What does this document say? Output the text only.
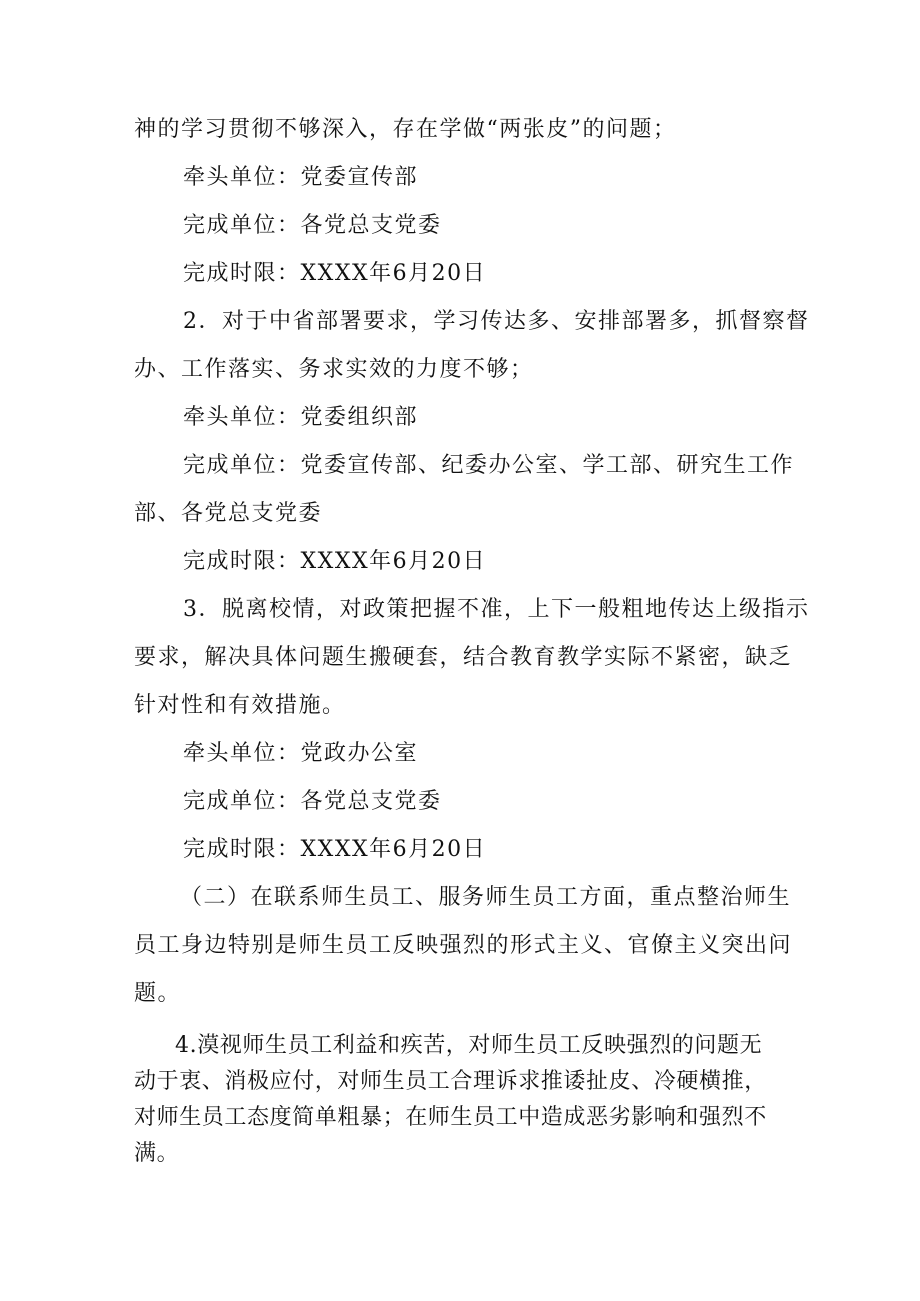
神的学习贯彻不够深入，存在学做“两张皮”的问题；
牵头单位：党委宣传部
完成单位：各党总支党委
完成时限：XXXX年6月20日
2．对于中省部署要求，学习传达多、安排部署多，抓督察督
办、工作落实、务求实效的力度不够；
牵头单位：党委组织部
完成单位：党委宣传部、纪委办公室、学工部、研究生工作
部、各党总支党委
完成时限：XXXX年6月20日
3．脱离校情，对政策把握不准，上下一般粗地传达上级指示
要求，解决具体问题生搬硬套，结合教育教学实际不紧密，缺乏
针对性和有效措施。
牵头单位：党政办公室
完成单位：各党总支党委
完成时限：XXXX年6月20日
（二）在联系师生员工、服务师生员工方面，重点整治师生
员工身边特别是师生员工反映强烈的形式主义、官僚主义突出问
题。
4.漠视师生员工利益和疾苦，对师生员工反映强烈的问题无
动于衷、消极应付，对师生员工合理诉求推诿扯皮、冷硬横推，
对师生员工态度简单粗暴；在师生员工中造成恶劣影响和强烈不
满。
